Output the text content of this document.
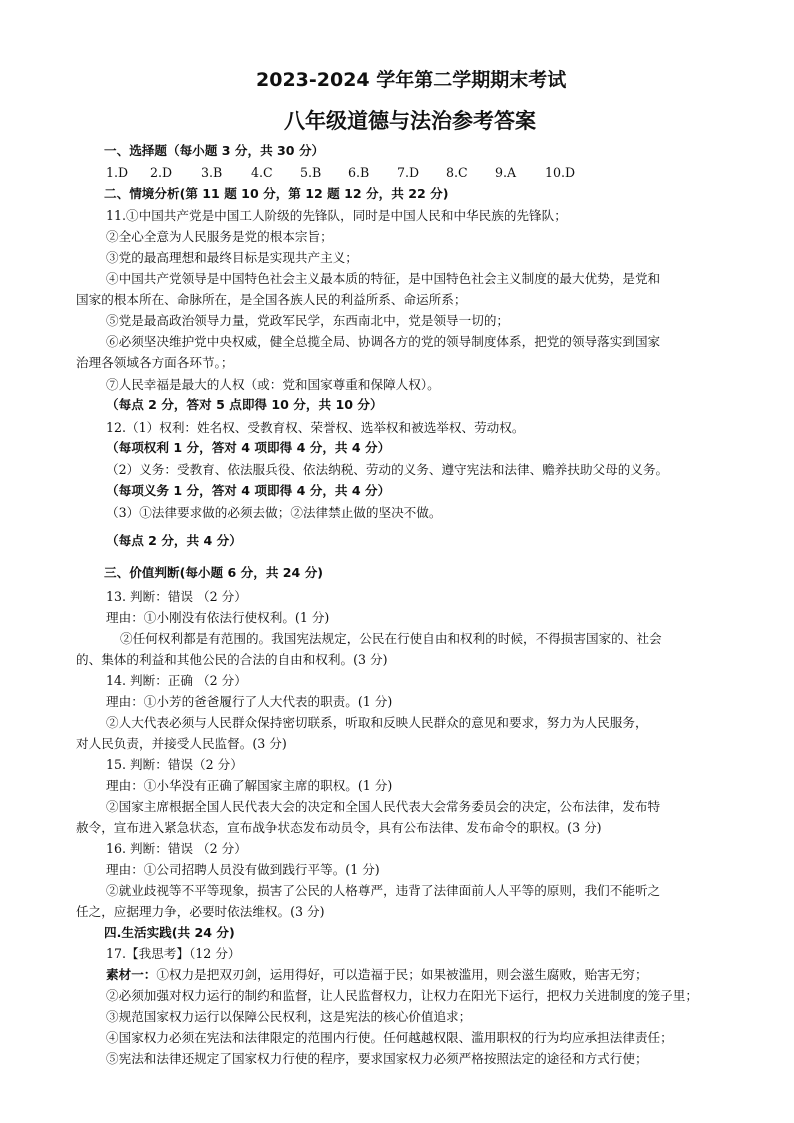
2023-2024 学年第二学期期末考试
八年级道德与法治参考答案
一、选择题（每小题 3 分，共 30 分）
1.D 2.D 3.B 4.C 5.B 6.B 7.D 8.C 9.A 10.D
二、情境分析(第 11 题 10 分，第 12 题 12 分，共 22 分)
11.①中国共产党是中国工人阶级的先锋队，同时是中国人民和中华民族的先锋队；
②全心全意为人民服务是党的根本宗旨；
③党的最高理想和最终目标是实现共产主义；
④中国共产党领导是中国特色社会主义最本质的特征，是中国特色社会主义制度的最大优势，是党和
国家的根本所在、命脉所在，是全国各族人民的利益所系、命运所系；
⑤党是最高政治领导力量，党政军民学，东西南北中，党是领导一切的；
⑥必须坚决维护党中央权威，健全总揽全局、协调各方的党的领导制度体系，把党的领导落实到国家
治理各领域各方面各环节。；
⑦人民幸福是最大的人权（或：党和国家尊重和保障人权）。
（每点 2 分，答对 5 点即得 10 分，共 10 分）
12.（1）权利：姓名权、受教育权、荣誉权、选举权和被选举权、劳动权。
（每项权利 1 分，答对 4 项即得 4 分，共 4 分）
（2）义务：受教育、依法服兵役、依法纳税、劳动的义务、遵守宪法和法律、赡养扶助父母的义务。
（每项义务 1 分，答对 4 项即得 4 分，共 4 分）
（3）①法律要求做的必须去做；②法律禁止做的坚决不做。
（每点 2 分，共 4 分）
三、价值判断(每小题 6 分，共 24 分)
13. 判断：错误 （2 分）
理由：①小刚没有依法行使权利。(1 分)
②任何权利都是有范围的。我国宪法规定，公民在行使自由和权利的时候，不得损害国家的、社会
的、集体的利益和其他公民的合法的自由和权利。(3 分)
14. 判断：正确 （2 分）
理由：①小芳的爸爸履行了人大代表的职责。(1 分)
②人大代表必须与人民群众保持密切联系，听取和反映人民群众的意见和要求，努力为人民服务，
对人民负责，并接受人民监督。(3 分)
15. 判断：错误（2 分）
理由：①小华没有正确了解国家主席的职权。(1 分)
②国家主席根据全国人民代表大会的决定和全国人民代表大会常务委员会的决定，公布法律，发布特
赦令，宣布进入紧急状态，宣布战争状态发布动员令，具有公布法律、发布命令的职权。(3 分)
16. 判断：错误 （2 分）
理由：①公司招聘人员没有做到践行平等。(1 分)
②就业歧视等不平等现象，损害了公民的人格尊严，违背了法律面前人人平等的原则，我们不能听之
任之，应据理力争，必要时依法维权。(3 分)
四.生活实践(共 24 分)
17.【我思考】（12 分）
素材一：①权力是把双刃剑，运用得好，可以造福于民；如果被滥用，则会滋生腐败，贻害无穷；
②必须加强对权力运行的制约和监督，让人民监督权力，让权力在阳光下运行，把权力关进制度的笼子里；
③规范国家权力运行以保障公民权利，这是宪法的核心价值追求；
④国家权力必须在宪法和法律限定的范围内行使。任何越越权限、滥用职权的行为均应承担法律责任；
⑤宪法和法律还规定了国家权力行使的程序，要求国家权力必须严格按照法定的途径和方式行使；
